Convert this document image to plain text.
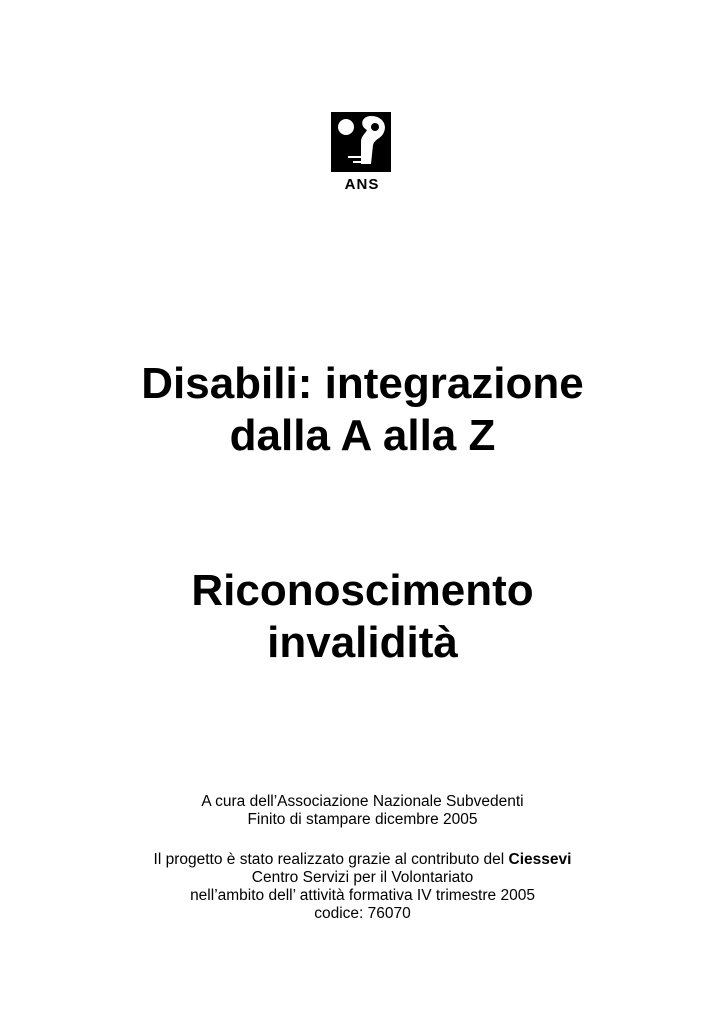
ANS
Disabili: integrazione
dalla A alla Z
Riconoscimento
invalidità
A cura dell’Associazione Nazionale Subvedenti
Finito di stampare dicembre 2005
Il progetto è stato realizzato grazie al contributo del Ciessevi
Centro Servizi per il Volontariato
nell’ambito dell’ attività formativa IV trimestre 2005
codice: 76070
